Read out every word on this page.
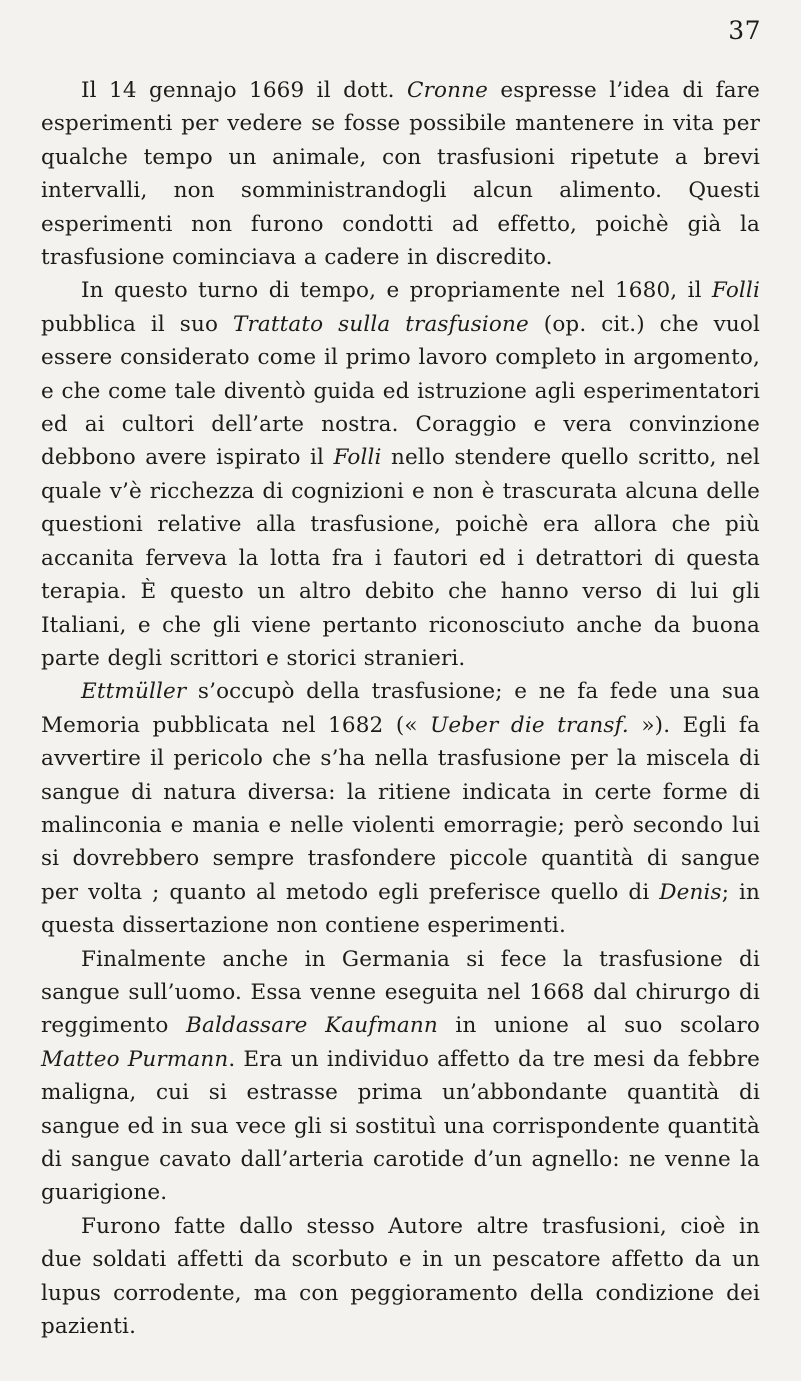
37

Il 14 gennajo 1669 il dott. Cronne espresse l’idea di fare esperimenti per vedere se fosse possibile mantenere in vita per qualche tempo un animale, con trasfusioni ripetute a brevi intervalli, non somministrandogli alcun alimento. Questi esperimenti non furono condotti ad effetto, poichè già la trasfusione cominciava a cadere in discredito.

In questo turno di tempo, e propriamente nel 1680, il Folli pubblica il suo Trattato sulla trasfusione (op. cit.) che vuol essere considerato come il primo lavoro completo in argomento, e che come tale diventò guida ed istruzione agli esperimentatori ed ai cultori dell’arte nostra. Coraggio e vera convinzione debbono avere ispirato il Folli nello stendere quello scritto, nel quale v’è ricchezza di cognizioni e non è trascurata alcuna delle questioni relative alla trasfusione, poichè era allora che più accanita ferveva la lotta fra i fautori ed i detrattori di questa terapia. È questo un altro debito che hanno verso di lui gli Italiani, e che gli viene pertanto riconosciuto anche da buona parte degli scrittori e storici stranieri.

Ettmüller s’occupò della trasfusione; e ne fa fede una sua Memoria pubblicata nel 1682 (« Ueber die transf. »). Egli fa avvertire il pericolo che s’ha nella trasfusione per la miscela di sangue di natura diversa: la ritiene indicata in certe forme di malinconia e mania e nelle violenti emorragie; però secondo lui si dovrebbero sempre trasfondere piccole quantità di sangue per volta ; quanto al metodo egli preferisce quello di Denis; in questa dissertazione non contiene esperimenti.

Finalmente anche in Germania si fece la trasfusione di sangue sull’uomo. Essa venne eseguita nel 1668 dal chirurgo di reggimento Baldassare Kaufmann in unione al suo scolaro Matteo Purmann. Era un individuo affetto da tre mesi da febbre maligna, cui si estrasse prima un’abbondante quantità di sangue ed in sua vece gli si sostituì una corrispondente quantità di sangue cavato dall’arteria carotide d’un agnello: ne venne la guarigione.

Furono fatte dallo stesso Autore altre trasfusioni, cioè in due soldati affetti da scorbuto e in un pescatore affetto da un lupus corrodente, ma con peggioramento della condizione dei pazienti.
